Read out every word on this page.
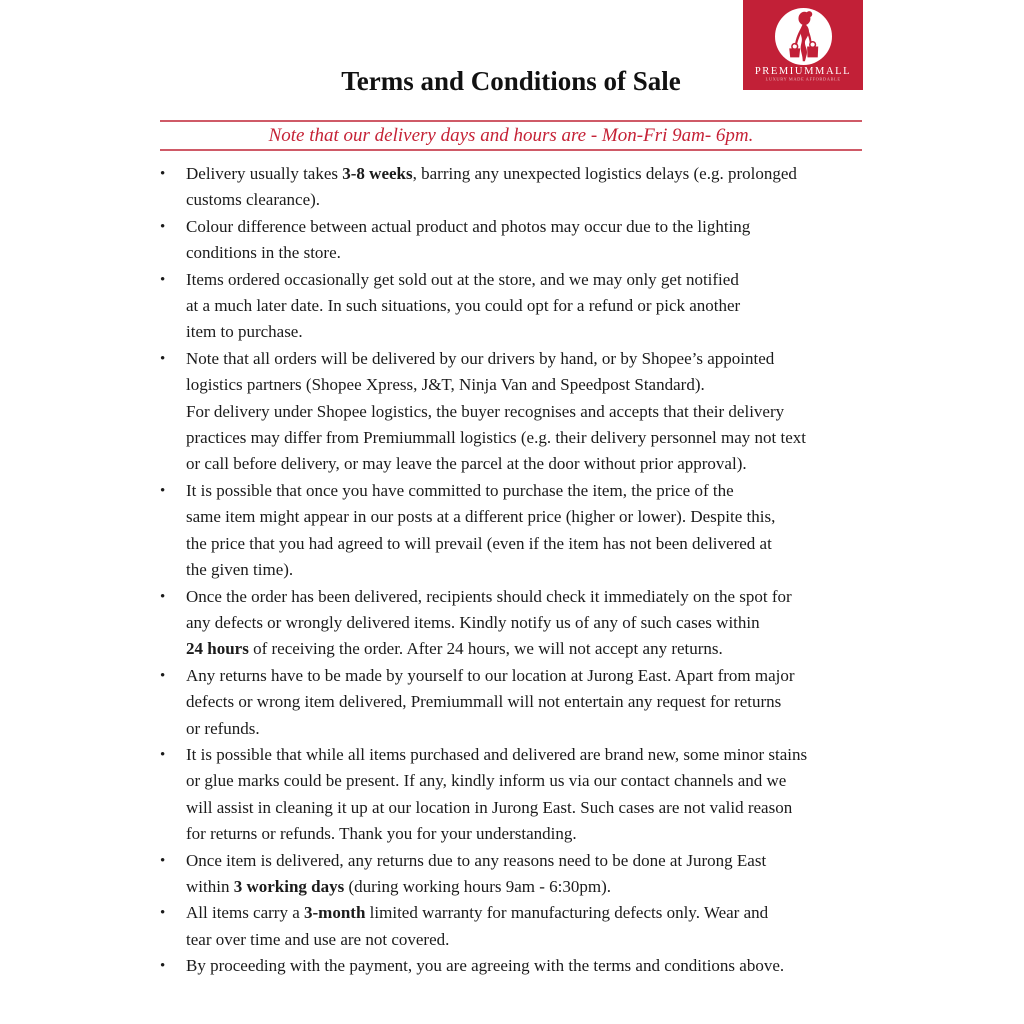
PREMIUMMALL
LUXURY MADE AFFORDABLE
Terms and Conditions of Sale
Note that our delivery days and hours are - Mon-Fri 9am- 6pm.
•	Delivery usually takes 3-8 weeks, barring any unexpected logistics delays (e.g. prolonged
customs clearance).
•	Colour difference between actual product and photos may occur due to the lighting
conditions in the store.
•	Items ordered occasionally get sold out at the store, and we may only get notified
at a much later date. In such situations, you could opt for a refund or pick another
item to purchase.
•	Note that all orders will be delivered by our drivers by hand, or by Shopee’s appointed
logistics partners (Shopee Xpress, J&T, Ninja Van and Speedpost Standard).
For delivery under Shopee logistics, the buyer recognises and accepts that their delivery
practices may differ from Premiummall logistics (e.g. their delivery personnel may not text
or call before delivery, or may leave the parcel at the door without prior approval).
•	It is possible that once you have committed to purchase the item, the price of the
same item might appear in our posts at a different price (higher or lower). Despite this,
the price that you had agreed to will prevail (even if the item has not been delivered at
the given time).
•	Once the order has been delivered, recipients should check it immediately on the spot for
any defects or wrongly delivered items. Kindly notify us of any of such cases within
24 hours of receiving the order. After 24 hours, we will not accept any returns.
•	Any returns have to be made by yourself to our location at Jurong East. Apart from major
defects or wrong item delivered, Premiummall will not entertain any request for returns
or refunds.
•	It is possible that while all items purchased and delivered are brand new, some minor stains
or glue marks could be present. If any, kindly inform us via our contact channels and we
will assist in cleaning it up at our location in Jurong East. Such cases are not valid reason
for returns or refunds. Thank you for your understanding.
•	Once item is delivered, any returns due to any reasons need to be done at Jurong East
within 3 working days (during working hours 9am - 6:30pm).
•	All items carry a 3-month limited warranty for manufacturing defects only. Wear and
tear over time and use are not covered.
•	By proceeding with the payment, you are agreeing with the terms and conditions above.
